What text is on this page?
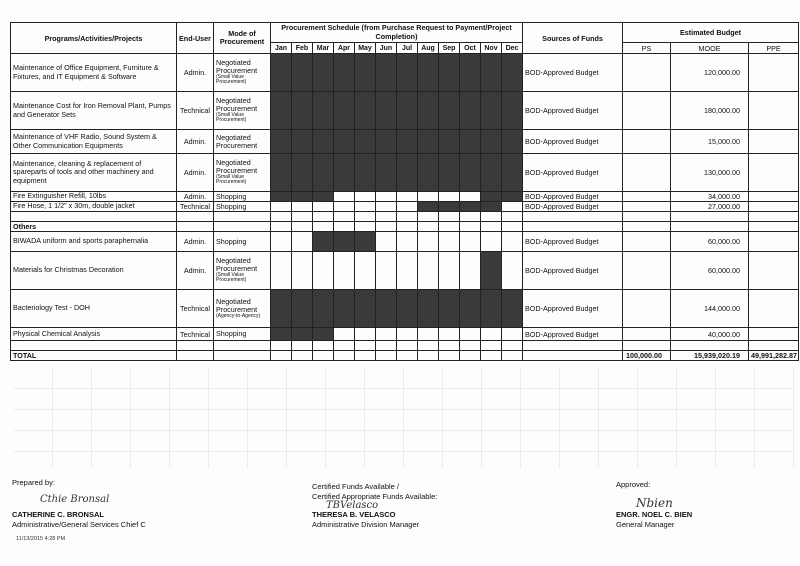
Programs/Activities/Projects	End-User	Mode of Procurement	Procurement Schedule (from Purchase Request to Payment/Project Completion)												Sources of Funds	Estimated Budget		
			Jan	Feb	Mar	Apr	May	Jun	Jul	Aug	Sep	Oct	Nov	Dec		PS	MOOE	PPE
Maintenance of Office Equipment, Furniture & Fixtures, and IT Equipment & Software	Admin.	Negotiated Procurement
(Small Value Procurement)													BOD-Approved Budget		120,000.00	
Maintenance Cost for Iron Removal Plant, Pumps and Generator Sets	Technical	Negotiated Procurement
(Small Value Procurement)													BOD-Approved Budget		180,000.00	
Maintenance of VHF Radio, Sound System & Other Communication Equipments	Admin.	Negotiated Procurement													BOD-Approved Budget		15,000.00	
Maintenance, cleaning & replacement of spareparts of tools and other machinery and equipment	Admin.	Negotiated Procurement
(Small Value Procurement)													BOD-Approved Budget		130,000.00	
Fire Extinguisher Refill, 10lbs	Admin.	Shopping													BOD-Approved Budget		34,000.00	
Fire Hose, 1 1/2" x 30m, double jacket	Technical	Shopping													BOD-Approved Budget		27,000.00	

Others																		
BIWADA uniform and sports paraphernalia	Admin.	Shopping													BOD-Approved Budget		60,000.00	
Materials for Christmas Decoration	Admin.	Negotiated Procurement
(Small Value Procurement)													BOD-Approved Budget		60,000.00	
Bacteriology Test - DOH	Technical	Negotiated Procurement
(Agency-to-Agency)													BOD-Approved Budget		144,000.00	
Physical Chemical Analysis	Technical	Shopping													BOD-Approved Budget		40,000.00	

TOTAL																100,000.00	15,939,020.19	49,991,282.87
Prepared by:
Cthie Bronsal
CATHERINE C. BRONSAL
Administrative/General Services Chief C
11/13/2015 4:28 PM
Certified Funds Available /
Certified Appropriate Funds Available:
TBVelasco
THERESA B. VELASCO
Administrative Division Manager
Approved:
Nbien
ENGR. NOEL C. BIEN
General Manager
